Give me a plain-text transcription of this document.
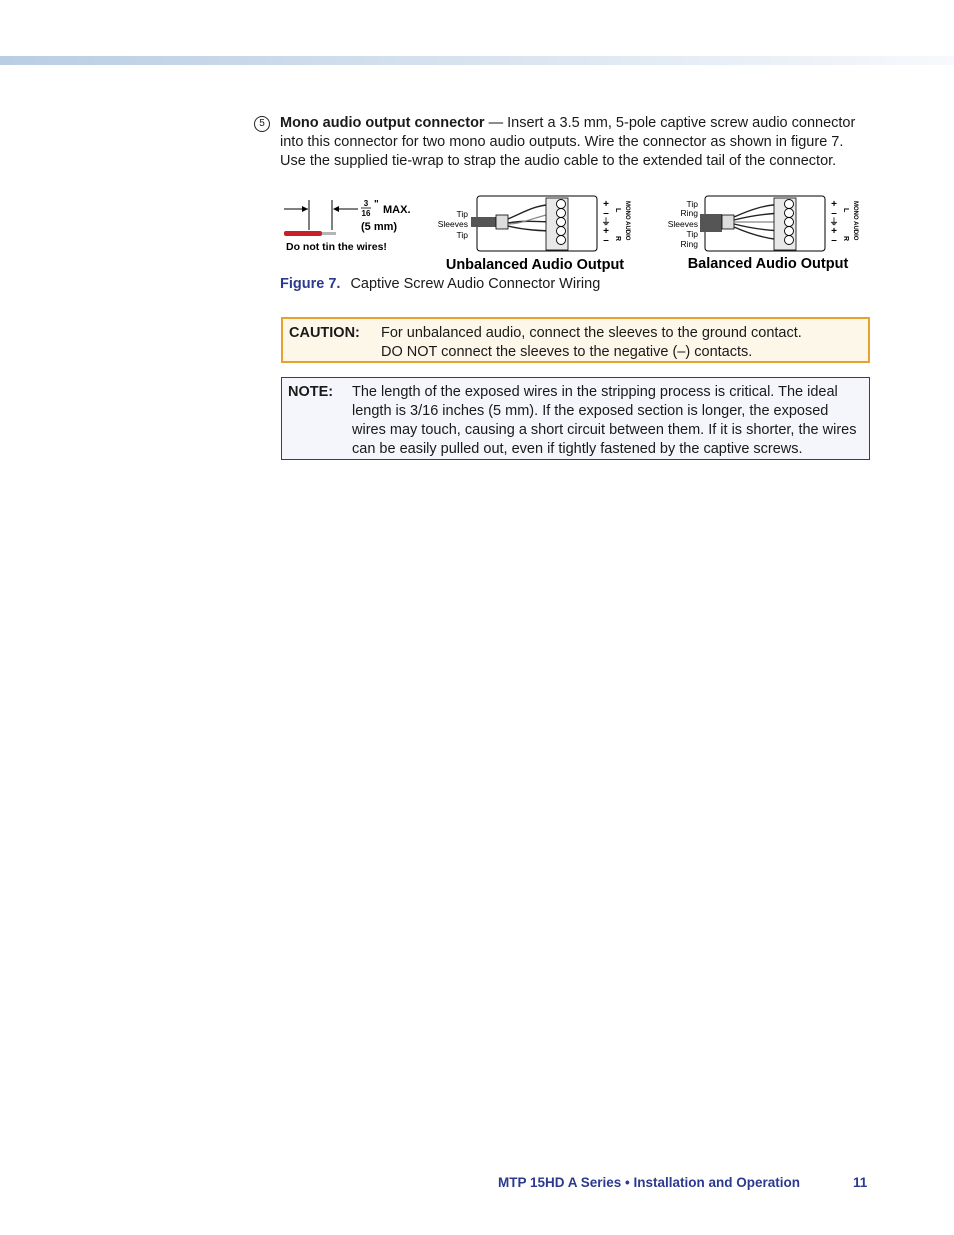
5	Mono audio output connector — Insert a 3.5 mm, 5-pole captive screw audio connector into this connector for two mono audio outputs. Wire the connector as shown in figure 7. Use the supplied tie-wrap to strap the audio cable to the extended tail of the connector.

3
16
" MAX.
(5 mm)
Do not tin the wires!
Tip
Sleeves
Tip
+
–
⏚
+
–
L
R MONO AUDIO
Unbalanced Audio Output
Tip
Ring
Sleeves
Tip
Ring
+
–
⏚
+
–
L
R MONO AUDIO
Balanced Audio Output
Figure 7. Captive Screw Audio Connector Wiring
CAUTION: For unbalanced audio, connect the sleeves to the ground contact.
DO NOT connect the sleeves to the negative (–) contacts.
NOTE: The length of the exposed wires in the stripping process is critical. The ideal length is 3/16 inches (5 mm). If the exposed section is longer, the exposed wires may touch, causing a short circuit between them. If it is shorter, the wires can be easily pulled out, even if tightly fastened by the captive screws.
MTP 15HD A Series • Installation and Operation	11
